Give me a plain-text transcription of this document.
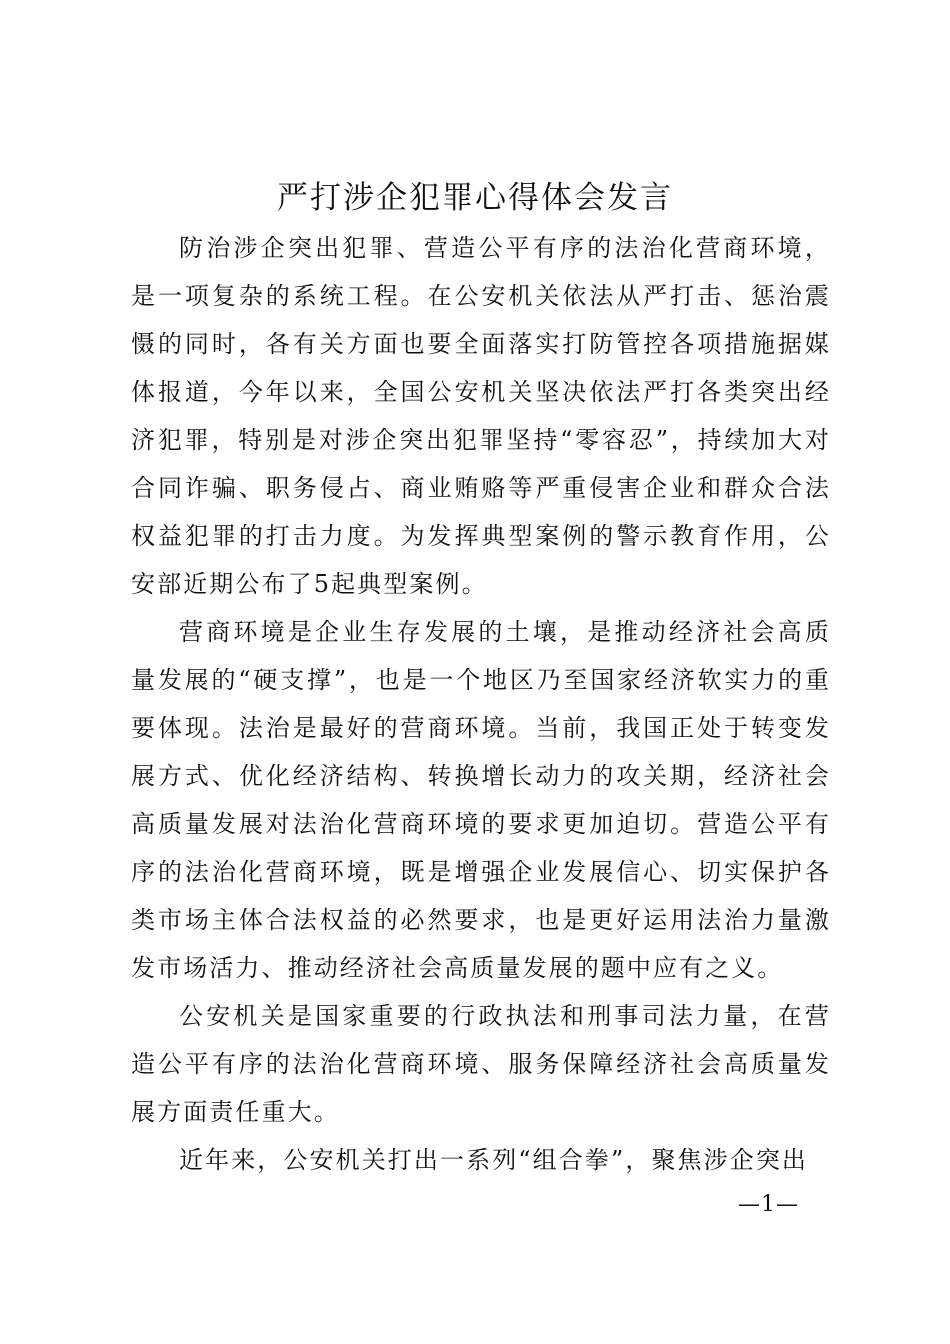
严打涉企犯罪心得体会发言

防治涉企突出犯罪、营造公平有序的法治化营商环境，是一项复杂的系统工程。在公安机关依法从严打击、惩治震慑的同时，各有关方面也要全面落实打防管控各项措施据媒体报道，今年以来，全国公安机关坚决依法严打各类突出经济犯罪，特别是对涉企突出犯罪坚持“零容忍”，持续加大对合同诈骗、职务侵占、商业贿赂等严重侵害企业和群众合法权益犯罪的打击力度。为发挥典型案例的警示教育作用，公安部近期公布了5起典型案例。

营商环境是企业生存发展的土壤，是推动经济社会高质量发展的“硬支撑”，也是一个地区乃至国家经济软实力的重要体现。法治是最好的营商环境。当前，我国正处于转变发展方式、优化经济结构、转换增长动力的攻关期，经济社会高质量发展对法治化营商环境的要求更加迫切。营造公平有序的法治化营商环境，既是增强企业发展信心、切实保护各类市场主体合法权益的必然要求，也是更好运用法治力量激发市场活力、推动经济社会高质量发展的题中应有之义。

公安机关是国家重要的行政执法和刑事司法力量，在营造公平有序的法治化营商环境、服务保障经济社会高质量发展方面责任重大。

近年来，公安机关打出一系列“组合拳”，聚焦涉企突出

—1—
